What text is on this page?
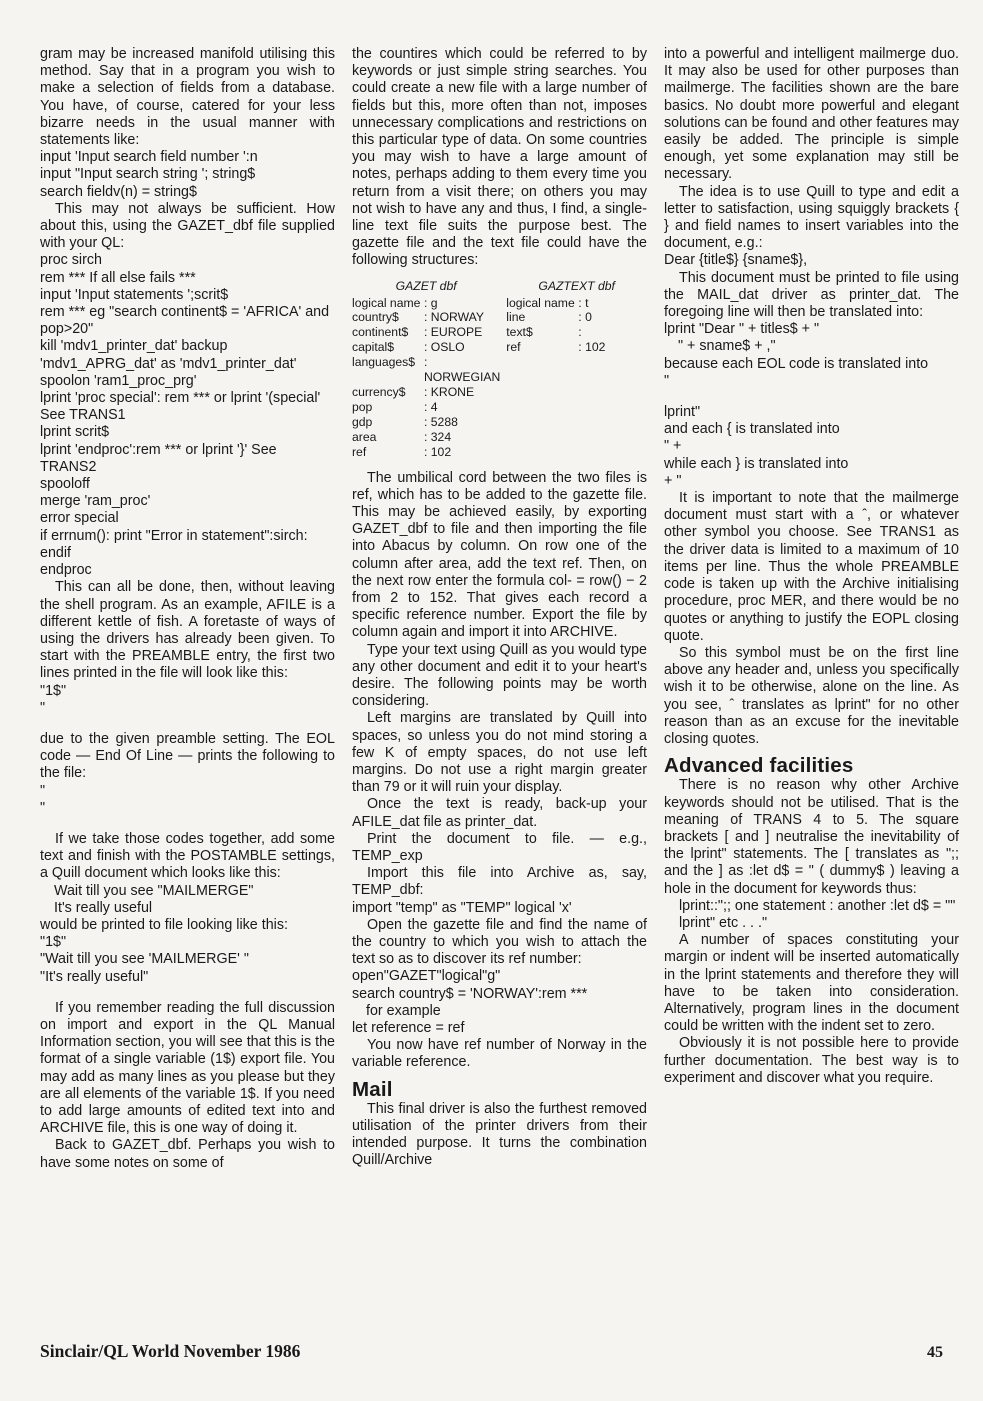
gram may be increased manifold utilising this method. Say that in a program you wish to make a selection of fields from a database. You have, of course, catered for your less bizarre needs in the usual manner with statements like:

input 'Input search field number ':n
input "Input search string '; string$
search fieldv(n) = string$

This may not always be sufficient. How about this, using the GAZET_dbf file supplied with your QL:

proc sirch
rem *** If all else fails ***
input 'Input statements ';scrit$
rem *** eg "search continent$ = 'AFRICA' and pop>20"
kill 'mdv1_printer_dat' backup 'mdv1_APRG_dat' as 'mdv1_printer_dat'
spoolon 'ram1_proc_prg'
lprint 'proc special': rem *** or lprint '(special' See TRANS1
lprint scrit$
lprint 'endproc':rem *** or lprint '}' See TRANS2
spooloff
merge 'ram_proc'
error special
if errnum(): print "Error in statement":sirch: endif
endproc

This can all be done, then, without leaving the shell program. As an example, AFILE is a different kettle of fish. A foretaste of ways of using the drivers has already been given. To start with the PREAMBLE entry, the first two lines printed in the file will look like this:

"1$"
"

due to the given preamble setting. The EOL code — End Of Line — prints the following to the file:

"
"

If we take those codes together, add some text and finish with the POSTAMBLE settings, a Quill document which looks like this:

Wait till you see "MAILMERGE"
It's really useful

would be printed to file looking like this:

"1$"
"Wait till you see 'MAILMERGE' "
"It's really useful"

If you remember reading the full discussion on import and export in the QL Manual Information section, you will see that this is the format of a single variable (1$) export file. You may add as many lines as you please but they are all elements of the variable 1$. If you need to add large amounts of edited text into and ARCHIVE file, this is one way of doing it.

Back to GAZET_dbf. Perhaps you wish to have some notes on some of

the countires which could be referred to by keywords or just simple string searches. You could create a new file with a large number of fields but this, more often than not, imposes unnecessary complications and restrictions on this particular type of data. On some countries you may wish to have a large amount of notes, perhaps adding to them every time you return from a visit there; on others you may not wish to have any and thus, I find, a single-line text file suits the purpose best. The gazette file and the text file could have the following structures:

GAZET dbf
logical name : g
country$	: NORWAY
continent$	: EUROPE
capital$	: OSLO
languages$ : NORWEGIAN
currency$	: KRONE
pop	: 4
gdp	: 5288
area	: 324
ref	: 102
GAZTEXT dbf
logical name : t
line	: 0
text$	:
ref	: 102

The umbilical cord between the two files is ref, which has to be added to the gazette file. This may be achieved easily, by exporting GAZET_dbf to file and then importing the file into Abacus by column. On row one of the column after area, add the text ref. Then, on the next row enter the formula col- = row() − 2 from 2 to 152. That gives each record a specific reference number. Export the file by column again and import it into ARCHIVE.

Type your text using Quill as you would type any other document and edit it to your heart's desire. The following points may be worth considering.

Left margins are translated by Quill into spaces, so unless you do not mind storing a few K of empty spaces, do not use left margins. Do not use a right margin greater than 79 or it will ruin your display.

Once the text is ready, back-up your AFILE_dat file as printer_dat.

Print the document to file. — e.g., TEMP_exp

Import this file into Archive as, say, TEMP_dbf:

import "temp" as "TEMP" logical 'x'

Open the gazette file and find the name of the country to which you wish to attach the text so as to discover its ref number:

open"GAZET"logical"g"
search country$ = 'NORWAY':rem ***
for example
let reference = ref

You now have ref number of Norway in the variable reference.

Mail

This final driver is also the furthest removed utilisation of the printer drivers from their intended purpose. It turns the combination Quill/Archive

into a powerful and intelligent mailmerge duo. It may also be used for other purposes than mailmerge. The facilities shown are the bare basics. No doubt more powerful and elegant solutions can be found and other features may easily be added. The principle is simple enough, yet some explanation may still be necessary.

The idea is to use Quill to type and edit a letter to satisfaction, using squiggly brackets { } and field names to insert variables into the document, e.g.:

Dear {title$} {sname$},

This document must be printed to file using the MAIL_dat driver as printer_dat. The foregoing line will then be translated into:

lprint "Dear " + titles$ + "
" + sname$ + ,"

because each EOL code is translated into

"
lprint"

and each { is translated into

" +

while each } is translated into

+ "

It is important to note that the mailmerge document must start with a ˆ, or whatever other symbol you choose. See TRANS1 as the driver data is limited to a maximum of 10 items per line. Thus the whole PREAMBLE code is taken up with the Archive initialising procedure, proc MER, and there would be no quotes or anything to justify the EOPL closing quote.

So this symbol must be on the first line above any header and, unless you specifically wish it to be otherwise, alone on the line. As you see, ˆ translates as lprint" for no other reason than as an excuse for the inevitable closing quotes.

Advanced facilities

There is no reason why other Archive keywords should not be utilised. That is the meaning of TRANS 4 to 5. The square brackets [ and ] neutralise the inevitability of the lprint" statements. The [ translates as ";; and the ] as :let d$ = " ( dummy$ ) leaving a hole in the document for keywords thus:

lprint::";; one statement : another :let d$ = ""

lprint" etc . . ."

A number of spaces constituting your margin or indent will be inserted automatically in the lprint statements and therefore they will have to be taken into consideration. Alternatively, program lines in the document could be written with the indent set to zero.

Obviously it is not possible here to provide further documentation. The best way is to experiment and discover what you require.

Sinclair/QL World November 1986	45
